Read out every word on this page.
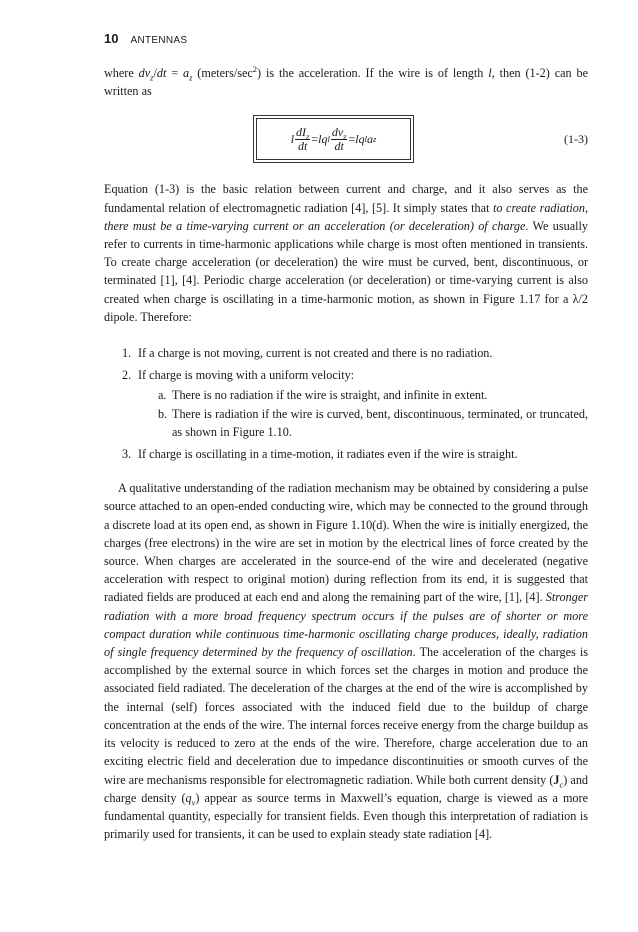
10 ANTENNAS

where $dv_z/dt = a_z$ $(meters/\sec^2)$ is the acceleration. If the wire is of length l, then (1-2) can be written as

l $\frac{dI_z}{dt}$ = lq l $\frac{dv_z}{dt}$ = lq l a z	(1-3)

Equation (1-3) is the basic relation between current and charge, and it also serves as the fundamental relation of electromagnetic radiation [4], [5]. It simply states that to create radiation, there must be a time-varying current or an acceleration (or deceleration) of charge. We usually refer to currents in time-harmonic applications while charge is most often mentioned in transients. To create charge acceleration (or deceleration) the wire must be curved, bent, discontinuous, or terminated [1], [4]. Periodic charge acceleration (or deceleration) or time-varying current is also created when charge is oscillating in a time-harmonic motion, as shown in Figure 1.17 for a λ/2 dipole. Therefore:

1. If a charge is not moving, current is not created and there is no radiation.
2. If charge is moving with a uniform velocity:
a. There is no radiation if the wire is straight, and infinite in extent.
b. There is radiation if the wire is curved, bent, discontinuous, terminated, or truncated, as shown in Figure 1.10.
3. If charge is oscillating in a time-motion, it radiates even if the wire is straight.

A qualitative understanding of the radiation mechanism may be obtained by considering a pulse source attached to an open-ended conducting wire, which may be connected to the ground through a discrete load at its open end, as shown in Figure 1.10(d). When the wire is initially energized, the charges (free electrons) in the wire are set in motion by the electrical lines of force created by the source. When charges are accelerated in the source-end of the wire and decelerated (negative acceleration with respect to original motion) during reflection from its end, it is suggested that radiated fields are produced at each end and along the remaining part of the wire, [1], [4]. Stronger radiation with a more broad frequency spectrum occurs if the pulses are of shorter or more compact duration while continuous time-harmonic oscillating charge produces, ideally, radiation of single frequency determined by the frequency of oscillation. The acceleration of the charges is accomplished by the external source in which forces set the charges in motion and produce the associated field radiated. The deceleration of the charges at the end of the wire is accomplished by the internal (self) forces associated with the induced field due to the buildup of charge concentration at the ends of the wire. The internal forces receive energy from the charge buildup as its velocity is reduced to zero at the ends of the wire. Therefore, charge acceleration due to an exciting electric field and deceleration due to impedance discontinuities or smooth curves of the wire are mechanisms responsible for electromagnetic radiation. While both current density $(J_c)$ and charge density $(q_v)$ appear as source terms in Maxwell’s equation, charge is viewed as a more fundamental quantity, especially for transient fields. Even though this interpretation of radiation is primarily used for transients, it can be used to explain steady state radiation [4].
